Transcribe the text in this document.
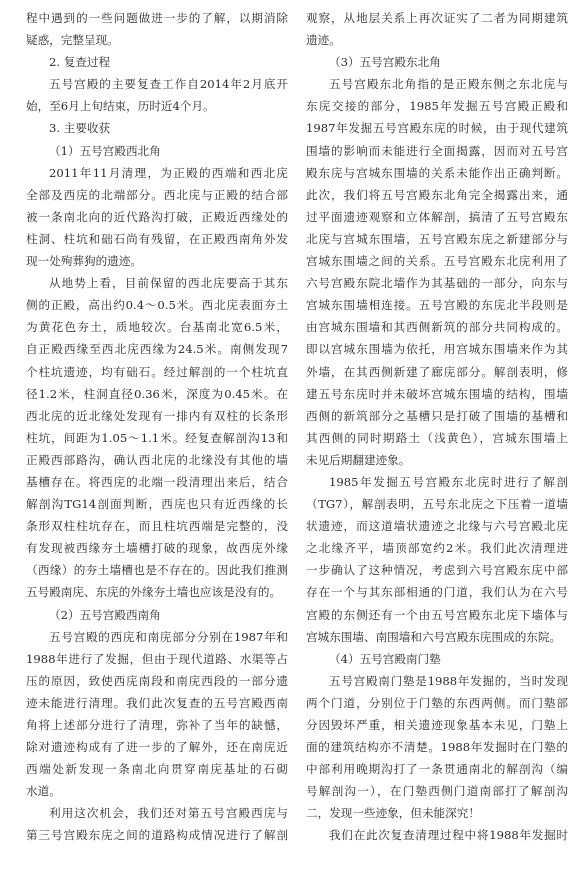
程中遇到的一些问题做进一步的了解，以期消除
疑惑，完整呈现。
2. 复查过程
五号宫殿的主要复查工作自2014年2月底开
始，至6月上旬结束，历时近4个月。
3. 主要收获
（1）五号宫殿西北角
2011年11月清理，为正殿的西端和西北庑
全部及西庑的北端部分。西北庑与正殿的结合部
被一条南北向的近代路沟打破，正殿近西缘处的
柱洞、柱坑和础石尚有残留，在正殿西南角外发
现一处殉葬狗的遗迹。
从地势上看，目前保留的西北庑要高于其东
侧的正殿，高出约0.4～0.5米。西北庑表面夯土
为黄花色夯土，质地较次。台基南北宽6.5米，
自正殿西缘至西北庑西缘为24.5米。南侧发现7
个柱坑遗迹，均有础石。经过解剖的一个柱坑直
径1.2米，柱洞直径0.36米，深度为0.45米。在
西北庑的近北缘处发现有一排内有双柱的长条形
柱坑，间距为1.05～1.1米。经复查解剖沟13和
正殿西部路沟，确认西北庑的北缘没有其他的墙
基槽存在。将西庑的北端一段清理出来后，结合
解剖沟TG14剖面判断，西庑也只有近西缘的长
条形双柱柱坑存在，而且柱坑西端是完整的，没
有发现被西缘夯土墙槽打破的现象，故西庑外缘
（西缘）的夯土墙槽也是不存在的。因此我们推测
五号殿南庑、东庑的外缘夯土墙也应该是没有的。
（2）五号宫殿西南角
五号宫殿的西庑和南庑部分分别在1987年和
1988年进行了发掘，但由于现代道路、水渠等占
压的原因，致使西庑南段和南庑西段的一部分遗
迹未能进行清理。我们此次复查的五号宫殿西南
角将上述部分进行了清理，弥补了当年的缺憾，
除对遗迹构成有了进一步的了解外，还在南庑近
西端处新发现一条南北向贯穿南庑基址的石砌
水道。
利用这次机会，我们还对第五号宫殿西庑与
第三号宫殿东庑之间的道路构成情况进行了解剖
观察，从地层关系上再次证实了二者为同期建筑
遗迹。
（3）五号宫殿东北角
五号宫殿东北角指的是正殿东侧之东北庑与
东庑交接的部分，1985年发掘五号宫殿正殿和
1987年发掘五号宫殿东庑的时候，由于现代建筑
围墙的影响而未能进行全面揭露，因而对五号宫
殿东庑与宫城东围墙的关系未能作出正确判断。
此次，我们将五号宫殿东北角完全揭露出来，通
过平面遗迹观察和立体解剖，搞清了五号宫殿东
北庑与宫城东围墙，五号宫殿东庑之新建部分与
宫城东围墙之间的关系。五号宫殿东北庑利用了
六号宫殿东院北墙作为其基础的一部分，向东与
宫城东围墙相连接。五号宫殿的东庑北半段则是
由宫城东围墙和其西侧新筑的部分共同构成的。
即以宫城东围墙为依托，用宫城东围墙来作为其
外墙，在其西侧新建了廊庑部分。解剖表明，修
建五号东庑时并未破坏宫城东围墙的结构，围墙
西侧的新筑部分之基槽只是打破了围墙的基槽和
其西侧的同时期路土（浅黄色），宫城东围墙上
未见后期翻建迹象。
1985年发掘五号宫殿东北庑时进行了解剖
（TG7），解剖表明，五号东北庑之下压着一道墙
状遗迹，而这道墙状遗迹之北缘与六号宫殿北庑
之北缘齐平，墙顶部宽约2米。我们此次清理进
一步确认了这种情况，考虑到六号宫殿东庑中部
存在一个与其东部相通的门道，我们认为在六号
宫殿的东侧还有一个由五号宫殿东北庑下墙体与
宫城东围墙、南围墙和六号宫殿东庑围成的东院。
（4）五号宫殿南门塾
五号宫殿南门塾是1988年发掘的，当时发现
两个门道，分别位于门塾的东西两侧。而门塾部
分因毁坏严重，相关遗迹现象基本未见，门塾上
面的建筑结构亦不清楚。1988年发掘时在门塾的
中部利用晚期沟打了一条贯通南北的解剖沟（编
号解剖沟一），在门塾西侧门道南部打了解剖沟
二，发现一些迹象，但未能深究！
我们在此次复查清理过程中将1988年发掘时
